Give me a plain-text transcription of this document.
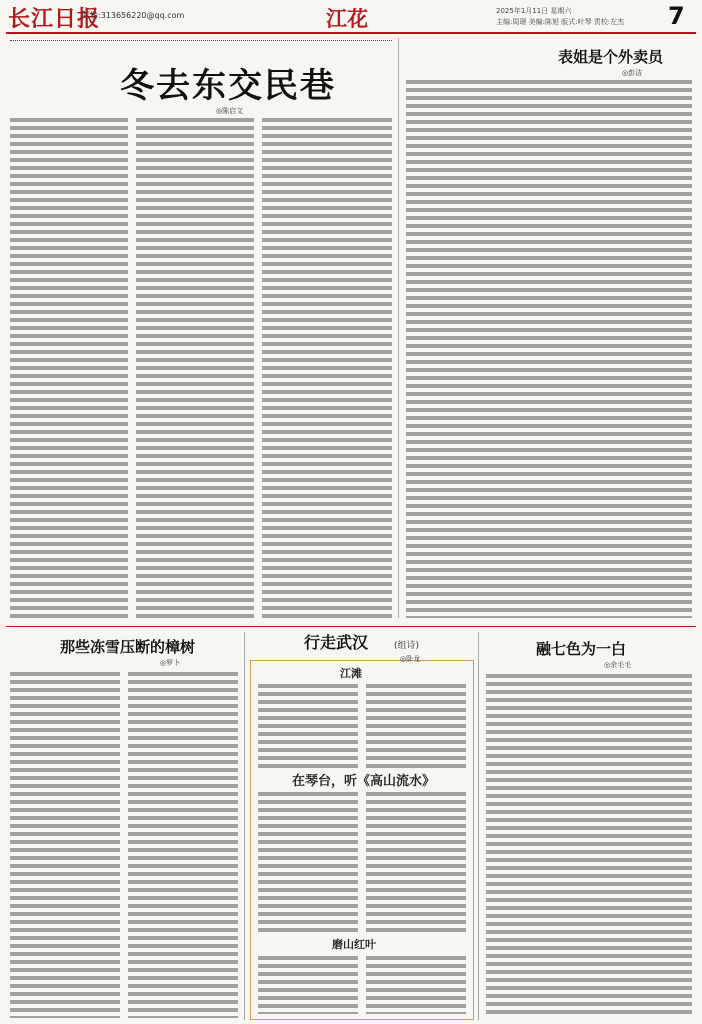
长江日报
邮箱:313656220@qq.com	江花	2025年1月11日 星期六
主编:周璟 美编:陈旭 版式:叶琴 责校:左杰 7
冬去东交民巷
◎陈启文
表姐是个外卖员
◎彭洁
那些冻雪压断的樟树
◎罗卜
行走武汉	(组诗)
◎卧龙
江滩
在琴台，听《高山流水》
磨山红叶
融七色为一白
◎余毛毛
